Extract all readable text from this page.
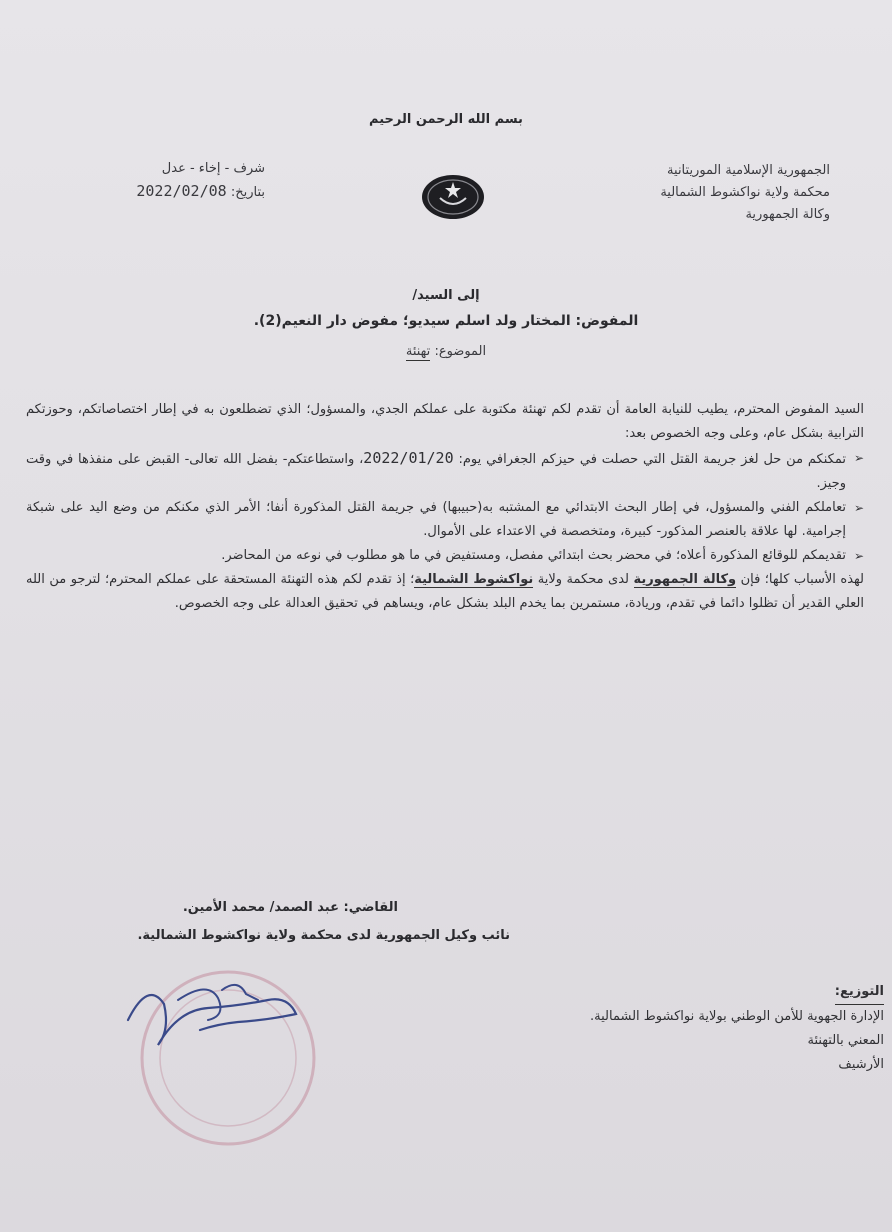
بسم الله الرحمن الرحيم
الجمهورية الإسلامية الموريتانية
محكمة ولاية نواكشوط الشمالية
وكالة الجمهورية
شرف - إخاء - عدل
بتاريخ: 2022/02/08
إلى السيد/
المفوض: المختار ولد اسلم سيديو؛ مفوض دار النعيم(2).
الموضوع: تهنئة

السيد المفوض المحترم، يطيب للنيابة العامة أن تقدم لكم تهنئة مكتوبة على عملكم الجدي، والمسؤول؛ الذي تضطلعون به في إطار اختصاصاتكم، وحوزتكم الترابية بشكل عام، وعلى وجه الخصوص بعد:

➢
تمكنكم من حل لغز جريمة القتل التي حصلت في حيزكم الجغرافي يوم: 2022/01/20، واستطاعتكم- بفضل الله تعالى- القبض على منفذها في وقت وجيز.

➢
تعاملكم الفني والمسؤول، في إطار البحث الابتدائي مع المشتبه به(حبيبها) في جريمة القتل المذكورة أنفا؛ الأمر الذي مكنكم من وضع اليد على شبكة إجرامية. لها علاقة بالعنصر المذكور- كبيرة، ومتخصصة في الاعتداء على الأموال.

➢
تقديمكم للوقائع المذكورة أعلاه؛ في محضر بحث ابتدائي مفصل، ومستفيض في ما هو مطلوب في نوعه من المحاضر.

لهذه الأسباب كلها؛ فإن وكالة الجمهورية لدى محكمة ولاية نواكشوط الشمالية؛ إذ تقدم لكم هذه التهنئة المستحقة على عملكم المحترم؛ لترجو من الله العلي القدير أن تظلوا دائما في تقدم، وريادة، مستمرين بما يخدم البلد بشكل عام، ويساهم في تحقيق العدالة على وجه الخصوص.

القاضي: عبد الصمد/ محمد الأمين.
نائب وكيل الجمهورية لدى محكمة ولاية نواكشوط الشمالية.
التوزيع:
الإدارة الجهوية للأمن الوطني بولاية نواكشوط الشمالية.
المعني بالتهنئة
الأرشيف
